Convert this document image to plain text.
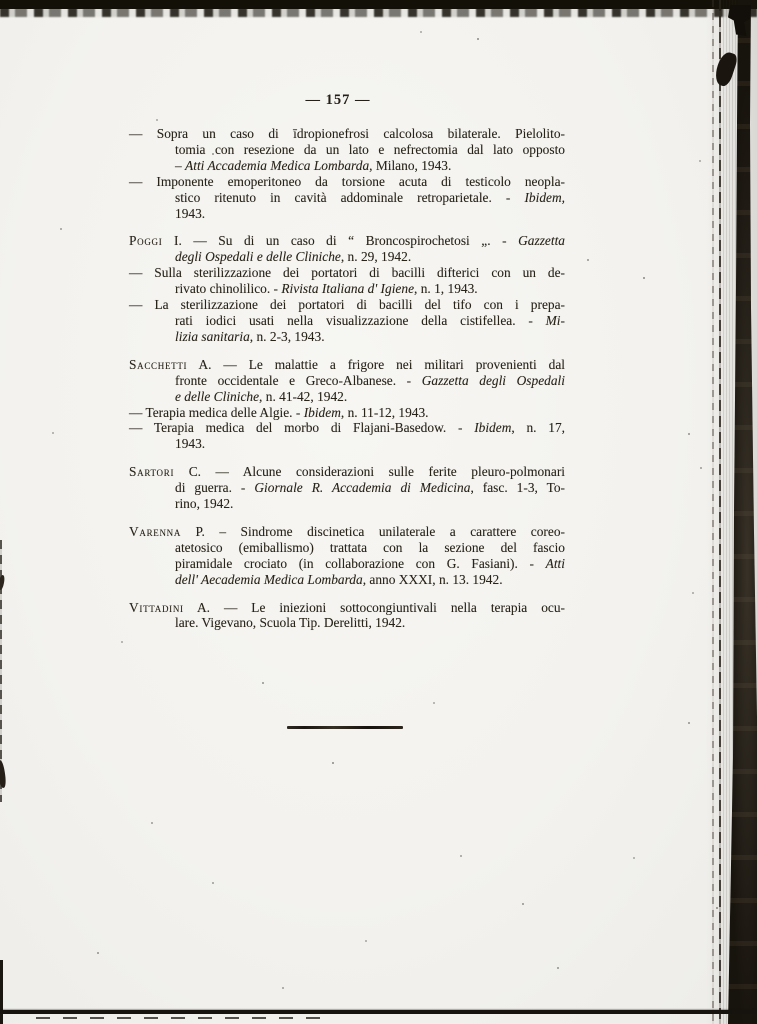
— 157 —
— Sopra un caso di īdropionefrosi calcolosa bilaterale. Pielolito-
tomia con resezione da un lato e nefrectomia dal lato opposto
– Atti Accademia Medica Lombarda, Milano, 1943.
— Imponente emoperitoneo da torsione acuta di testicolo neopla-
stico ritenuto in cavità addominale retroparietale. - Ibidem,
1943.
Poggi I. — Su di un caso di “ Broncospirochetosi „. - Gazzetta
degli Ospedali e delle Cliniche, n. 29, 1942.
— Sulla sterilizzazione dei portatori di bacilli difterici con un de-
rivato chinolilico. - Rivista Italiana d' Igiene, n. 1, 1943.
— La sterilizzazione dei portatori di bacilli del tifo con i prepa-
rati iodici usati nella visualizzazione della cistifellea. - Mi-
lizia sanitaria, n. 2-3, 1943.
Sacchetti A. — Le malattie a frigore nei militari provenienti dal
fronte occidentale e Greco-Albanese. - Gazzetta degli Ospedali
e delle Cliniche, n. 41-42, 1942.
— Terapia medica delle Algie. - Ibidem, n. 11-12, 1943.
— Terapia medica del morbo di Flajani-Basedow. - Ibidem, n. 17,
1943.
Sartori C. — Alcune considerazioni sulle ferite pleuro-polmonari
di guerra. - Giornale R. Accademia di Medicina, fasc. 1-3, To-
rino, 1942.
Varenna P. – Sindrome discinetica unilaterale a carattere coreo-
atetosico (emiballismo) trattata con la sezione del fascio
piramidale crociato (in collaborazione con G. Fasiani). - Atti
dell' Aecademia Medica Lombarda, anno XXXI, n. 13. 1942.
Vittadini A. — Le iniezioni sottocongiuntivali nella terapia ocu-
lare. Vigevano, Scuola Tip. Derelitti, 1942.
